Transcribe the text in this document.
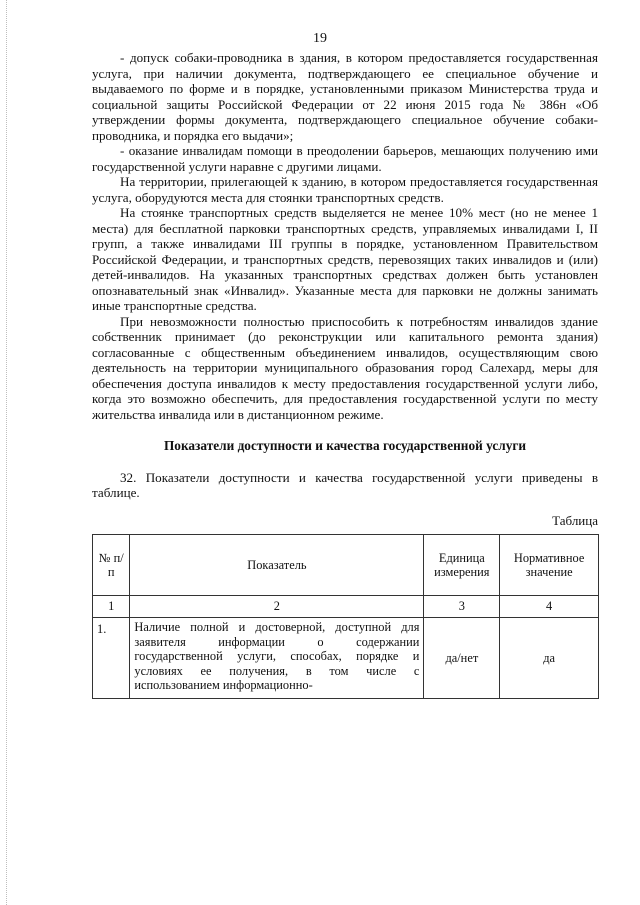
19

- допуск собаки-проводника в здания, в котором предоставляется государственная услуга, при наличии документа, подтверждающего ее специальное обучение и выдаваемого по форме и в порядке, установленными приказом Министерства труда и социальной защиты Российской Федерации от 22 июня 2015 года № 386н «Об утверждении формы документа, подтверждающего специальное обучение собаки-проводника, и порядка его выдачи»;

- оказание инвалидам помощи в преодолении барьеров, мешающих получению ими государственной услуги наравне с другими лицами.

На территории, прилегающей к зданию, в котором предоставляется государственная услуга, оборудуются места для стоянки транспортных средств.

На стоянке транспортных средств выделяется не менее 10% мест (но не менее 1 места) для бесплатной парковки транспортных средств, управляемых инвалидами I, II групп, а также инвалидами III группы в порядке, установленном Правительством Российской Федерации, и транспортных средств, перевозящих таких инвалидов и (или) детей-инвалидов. На указанных транспортных средствах должен быть установлен опознавательный знак «Инвалид». Указанные места для парковки не должны занимать иные транспортные средства.

При невозможности полностью приспособить к потребностям инвалидов здание собственник принимает (до реконструкции или капитального ремонта здания) согласованные с общественным объединением инвалидов, осуществляющим свою деятельность на территории муниципального образования город Салехард, меры для обеспечения доступа инвалидов к месту предоставления государственной услуги либо, когда это возможно обеспечить, для предоставления государственной услуги по месту жительства инвалида или в дистанционном режиме.

Показатели доступности и качества государственной услуги

32. Показатели доступности и качества государственной услуги приведены в таблице.

Таблица
№ п/п	Показатель	Единица измерения	Нормативное значение
1	2	3	4
1.	Наличие полной и достоверной, доступной для заявителя информации о содержании государственной услуги, способах, порядке и условиях ее получения, в том числе с использованием информационно-	да/нет	да
